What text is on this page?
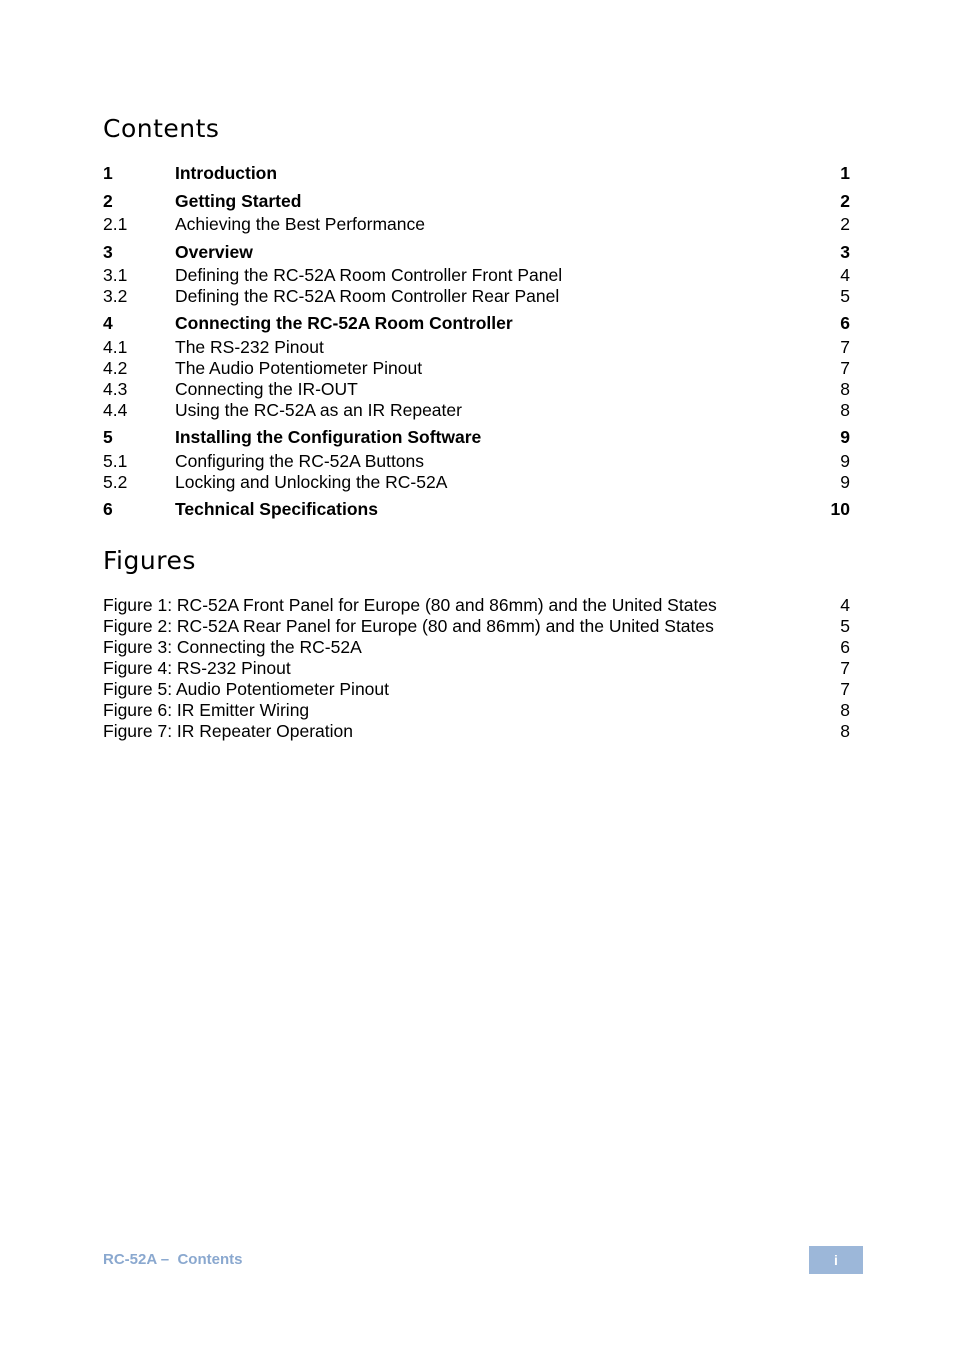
Contents
1	Introduction	1
2	Getting Started	2
2.1	Achieving the Best Performance	2
3	Overview	3
3.1	Defining the RC-52A Room Controller Front Panel	4
3.2	Defining the RC-52A Room Controller Rear Panel	5
4	Connecting the RC-52A Room Controller	6
4.1	The RS-232 Pinout	7
4.2	The Audio Potentiometer Pinout	7
4.3	Connecting the IR-OUT	8
4.4	Using the RC-52A as an IR Repeater	8
5	Installing the Configuration Software	9
5.1	Configuring the RC-52A Buttons	9
5.2	Locking and Unlocking the RC-52A	9
6	Technical Specifications	10
Figures
Figure 1: RC-52A Front Panel for Europe (80 and 86mm) and the United States	4
Figure 2: RC-52A Rear Panel for Europe (80 and 86mm) and the United States	5
Figure 3: Connecting the RC-52A	6
Figure 4: RS-232 Pinout	7
Figure 5: Audio Potentiometer Pinout	7
Figure 6: IR Emitter Wiring	8
Figure 7: IR Repeater Operation	8
RC-52A –  Contents	i
